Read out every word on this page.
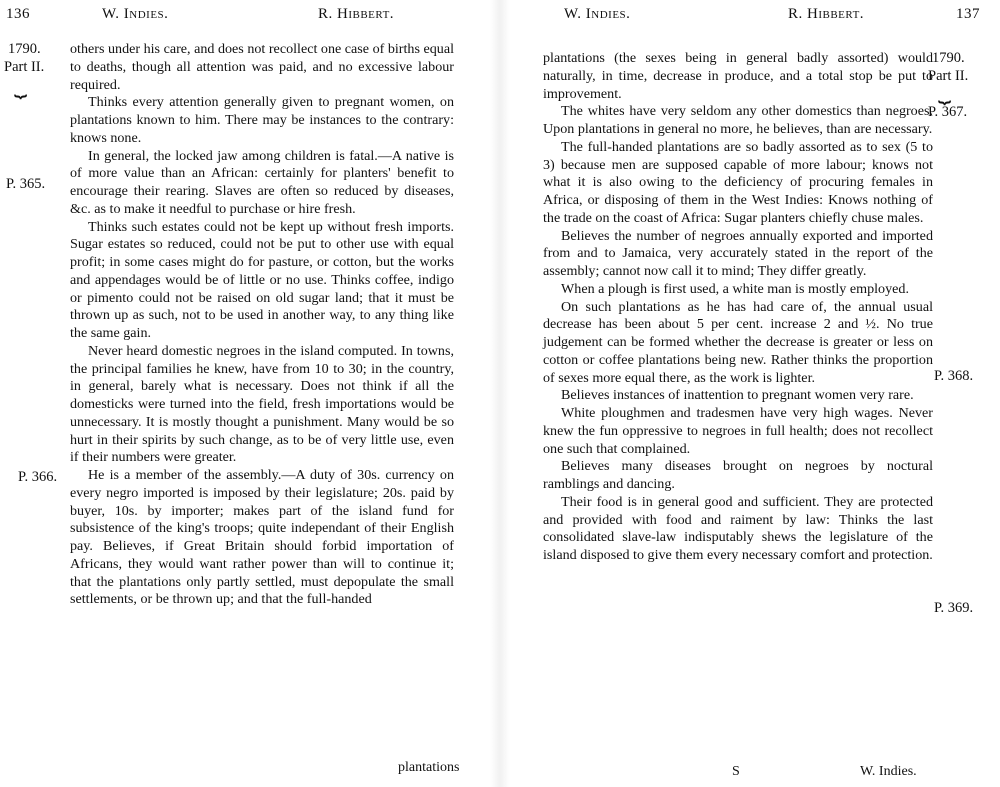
136	W. Indies.	R. Hibbert.
1790.
Part II.
⏟
P. 365.
P. 366.

others under his care, and does not recollect one case of births equal to deaths, though all attention was paid, and no excessive labour required.

Thinks every attention generally given to pregnant women, on plantations known to him. There may be instances to the contrary: knows none.

In general, the locked jaw among children is fatal.—A native is of more value than an African: certainly for planters' benefit to encourage their rearing. Slaves are often so reduced by diseases, &c. as to make it needful to purchase or hire fresh.

Thinks such estates could not be kept up without fresh imports. Sugar estates so reduced, could not be put to other use with equal profit; in some cases might do for pasture, or cotton, but the works and appendages would be of little or no use. Thinks coffee, indigo or pimento could not be raised on old sugar land; that it must be thrown up as such, not to be used in another way, to any thing like the same gain.

Never heard domestic negroes in the island computed. In towns, the principal families he knew, have from 10 to 30; in the country, in general, barely what is necessary. Does not think if all the domesticks were turned into the field, fresh importations would be unnecessary. It is mostly thought a punishment. Many would be so hurt in their spirits by such change, as to be of very little use, even if their numbers were greater.

He is a member of the assembly.—A duty of 30s. currency on every negro imported is imposed by their legislature; 20s. paid by buyer, 10s. by importer; makes part of the island fund for subsistence of the king's troops; quite independant of their English pay. Believes, if Great Britain should forbid importation of Africans, they would want rather power than will to continue it; that the plantations only partly settled, must depopulate the small settlements, or be thrown up; and that the full-handed

plantations
W. Indies.	R. Hibbert.	137
1790.
Part II.
⏟
P. 367.
P. 368.
P. 369.

plantations (the sexes being in general badly assorted) would naturally, in time, decrease in produce, and a total stop be put to improvement.

The whites have very seldom any other domestics than negroes. Upon plantations in general no more, he believes, than are necessary.

The full-handed plantations are so badly assorted as to sex (5 to 3) because men are supposed capable of more labour; knows not what it is also owing to the deficiency of procuring females in Africa, or disposing of them in the West Indies: Knows nothing of the trade on the coast of Africa: Sugar planters chiefly chuse males.

Believes the number of negroes annually exported and imported from and to Jamaica, very accurately stated in the report of the assembly; cannot now call it to mind; They differ greatly.

When a plough is first used, a white man is mostly employed.

On such plantations as he has had care of, the annual usual decrease has been about 5 per cent. increase 2 and ½. No true judgement can be formed whether the decrease is greater or less on cotton or coffee plantations being new. Rather thinks the proportion of sexes more equal there, as the work is lighter.

Believes instances of inattention to pregnant women very rare.

White ploughmen and tradesmen have very high wages. Never knew the fun oppressive to negroes in full health; does not recollect one such that complained.

Believes many diseases brought on negroes by noctural ramblings and dancing.

Their food is in general good and sufficient. They are protected and provided with food and raiment by law: Thinks the last consolidated slave-law indisputably shews the legislature of the island disposed to give them every necessary comfort and protection.

S	W. Indies.
